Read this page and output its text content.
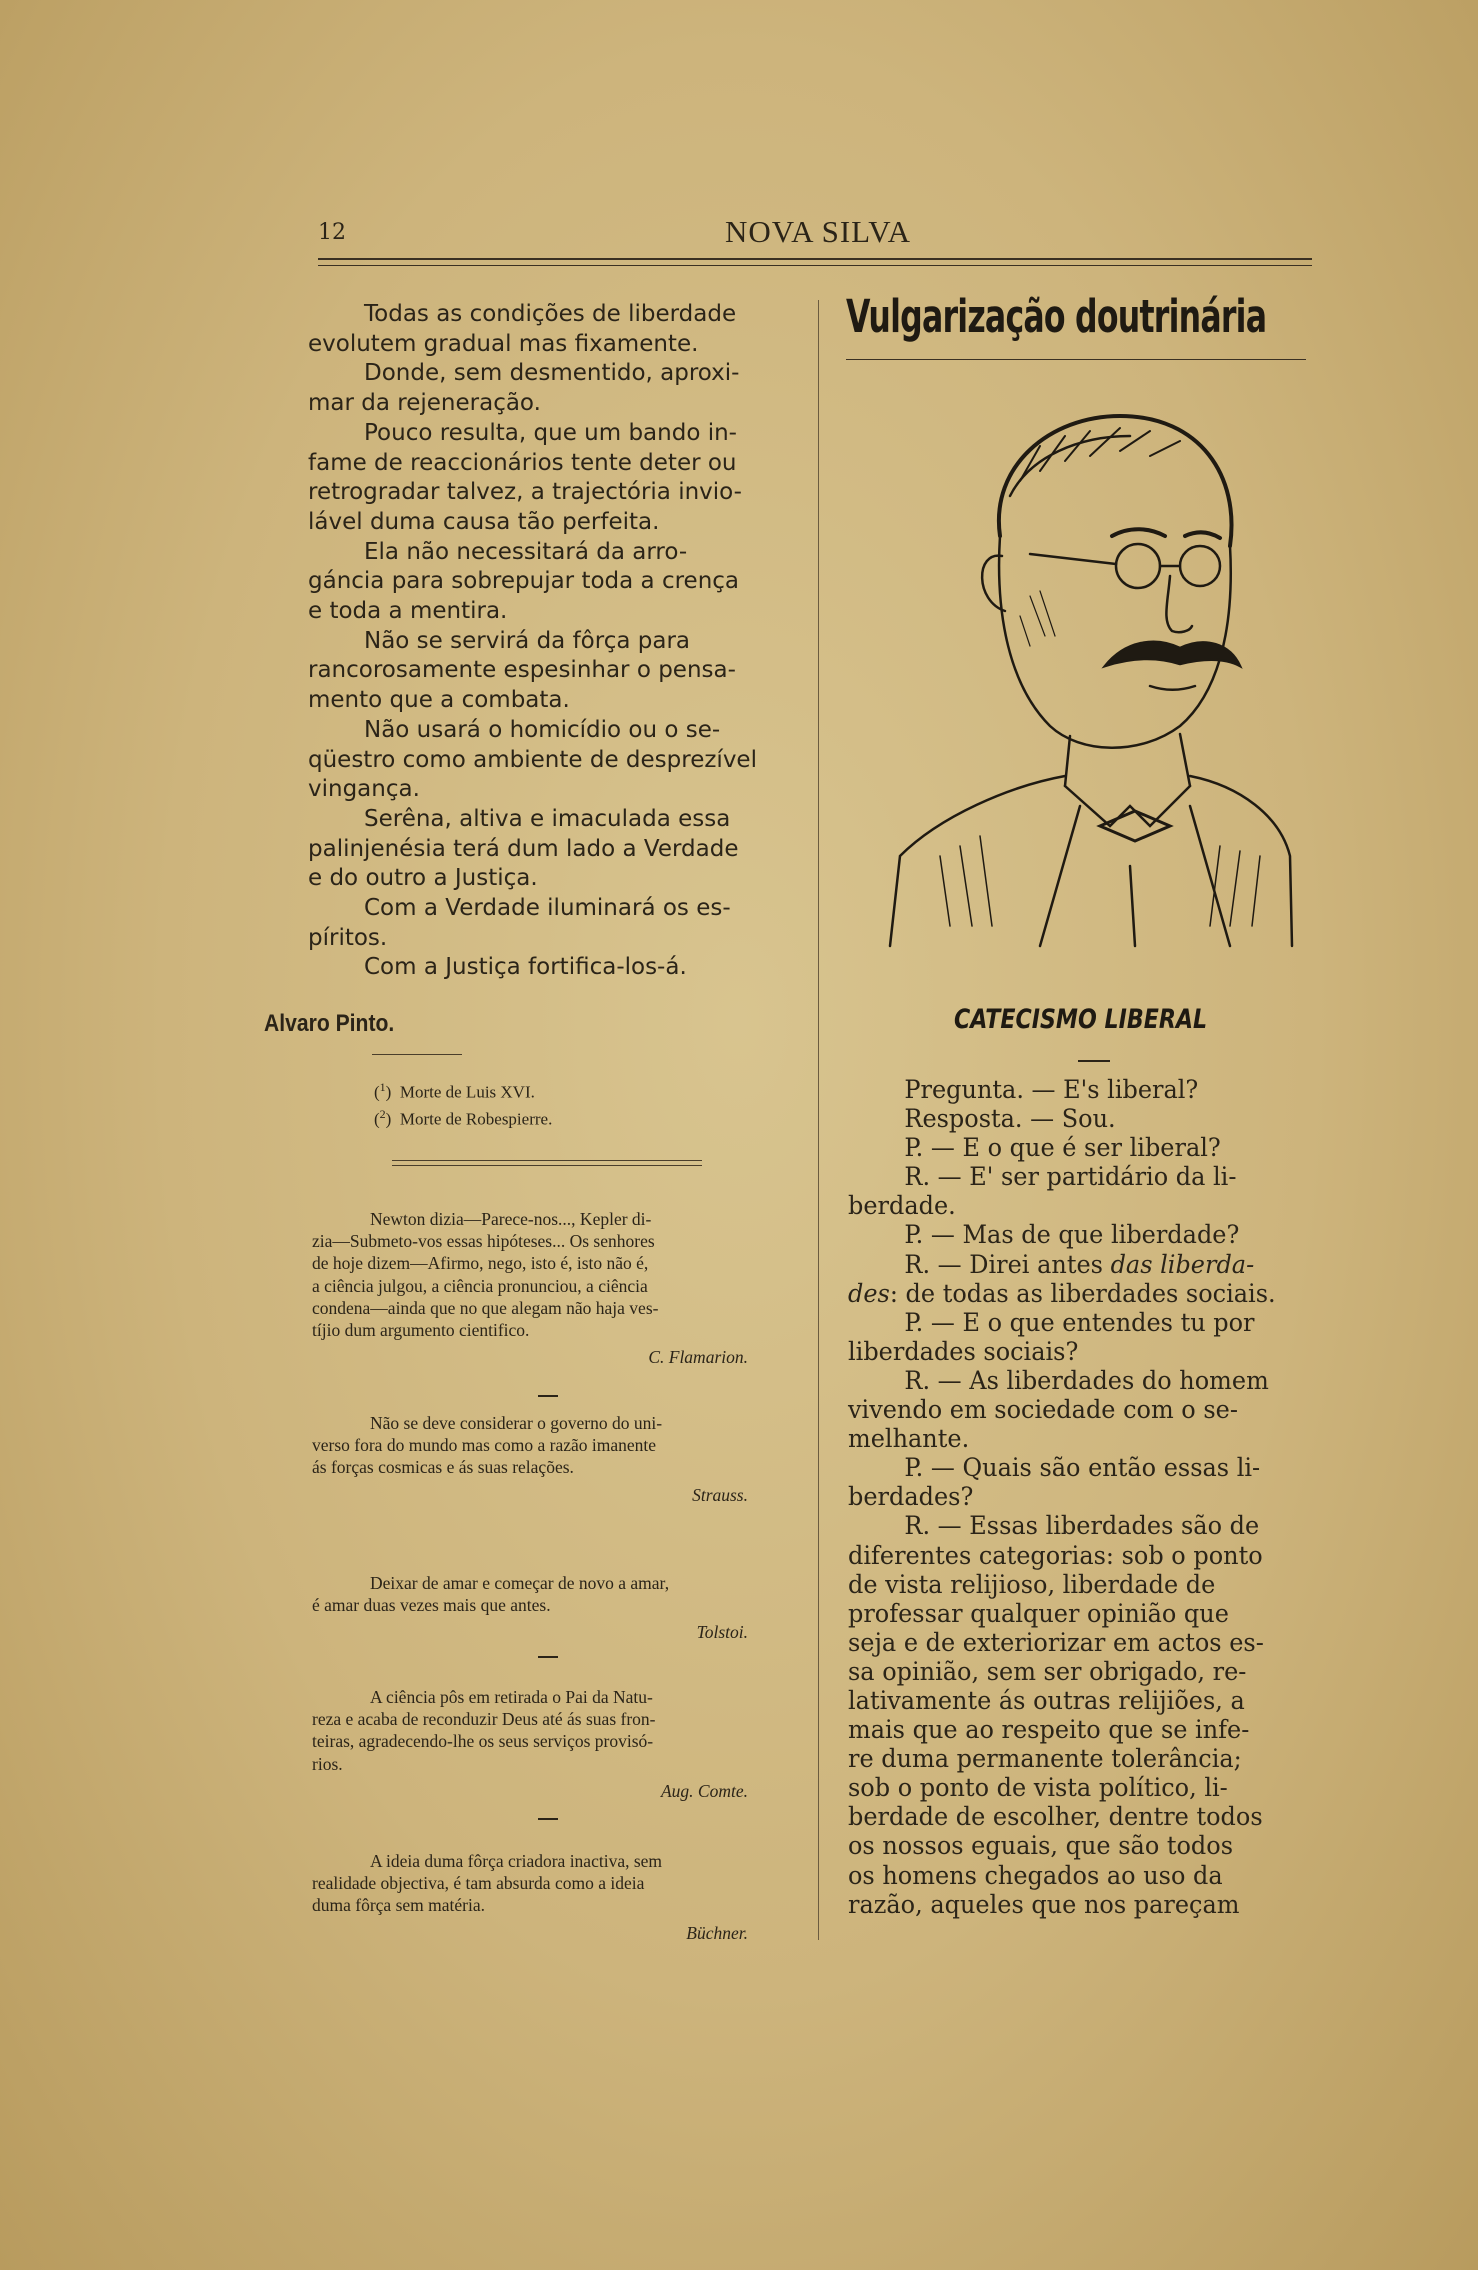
12	NOVA SILVA
Todas as condições de liberdade
evolutem gradual mas fixamente.
Donde, sem desmentido, aproxi-
mar da rejeneração.
Pouco resulta, que um bando in-
fame de reaccionários tente deter ou
retrogradar talvez, a trajectória invio-
lável duma causa tão perfeita.
Ela não necessitará da arro-
gáncia para sobrepujar toda a crença
e toda a mentira.
Não se servirá da fôrça para
rancorosamente espesinhar o pensa-
mento que a combata.
Não usará o homicídio ou o se-
qüestro como ambiente de desprezível
vingança.
Serêna, altiva e imaculada essa
palinjenésia terá dum lado a Verdade
e do outro a Justiça.
Com a Verdade iluminará os es-
píritos.
Com a Justiça fortifica-los-á.
Alvaro Pinto.
($^1$)  Morte de Luis XVI.
($^2$)  Morte de Robespierre.
Newton dizia—Parece-nos..., Kepler di-
zia—Submeto-vos essas hipóteses... Os senhores
de hoje dizem—Afirmo, nego, isto é, isto não é,
a ciência julgou, a ciência pronunciou, a ciência
condena—ainda que no que alegam não haja ves-
tíjio dum argumento cientifico.
C. Flamarion.
Não se deve considerar o governo do uni-
verso fora do mundo mas como a razão imanente
ás forças cosmicas e ás suas relações.
Strauss.
Deixar de amar e começar de novo a amar,
é amar duas vezes mais que antes.
Tolstoi.
A ciência pôs em retirada o Pai da Natu-
reza e acaba de reconduzir Deus até ás suas fron-
teiras, agradecendo-lhe os seus serviços provisó-
rios.
Aug. Comte.
A ideia duma fôrça criadora inactiva, sem
realidade objectiva, é tam absurda como a ideia
duma fôrça sem matéria.
Büchner.
Vulgarização doutrinária
CATECISMO LIBERAL
Pregunta. — E's liberal?
Resposta. — Sou.
P. — E o que é ser liberal?
R. — E' ser partidário da li-
berdade.
P. — Mas de que liberdade?
R. — Direi antes das liberda-
des: de todas as liberdades sociais.
P. — E o que entendes tu por
liberdades sociais?
R. — As liberdades do homem
vivendo em sociedade com o se-
melhante.
P. — Quais são então essas li-
berdades?
R. — Essas liberdades são de
diferentes categorias: sob o ponto
de vista relijioso, liberdade de
professar qualquer opinião que
seja e de exteriorizar em actos es-
sa opinião, sem ser obrigado, re-
lativamente ás outras relijiões, a
mais que ao respeito que se infe-
re duma permanente tolerância;
sob o ponto de vista político, li-
berdade de escolher, dentre todos
os nossos eguais, que são todos
os homens chegados ao uso da
razão, aqueles que nos pareçam
